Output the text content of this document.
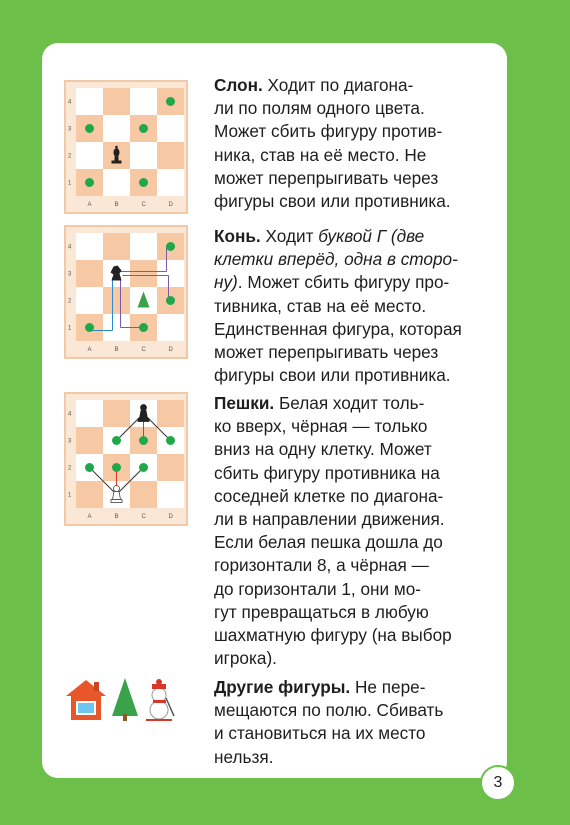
4
3
2
1
A	B	C	D
Слон. Ходит по диагона-
ли по полям одного цвета.
Может сбить фигуру против-
ника, став на её место. Не
может перепрыгивать через
фигуры свои или противника.
4
3
2
1
A	B	C	D
Конь. Ходит буквой Г (две
клетки вперёд, одна в сторо-
ну). Может сбить фигуру про-
тивника, став на её место.
Единственная фигура, которая
может перепрыгивать через
фигуры свои или противника.
4
3
2
1
A	B	C	D
Пешки. Белая ходит толь-
ко вверх, чёрная — только
вниз на одну клетку. Может
сбить фигуру противника на
соседней клетке по диагона-
ли в направлении движения.
Если белая пешка дошла до
горизонтали 8, а чёрная —
до горизонтали 1, они мо-
гут превращаться в любую
шахматную фигуру (на выбор
игрока).
Другие фигуры. Не пере-
мещаются по полю. Сбивать
и становиться на их место
нельзя.
3
